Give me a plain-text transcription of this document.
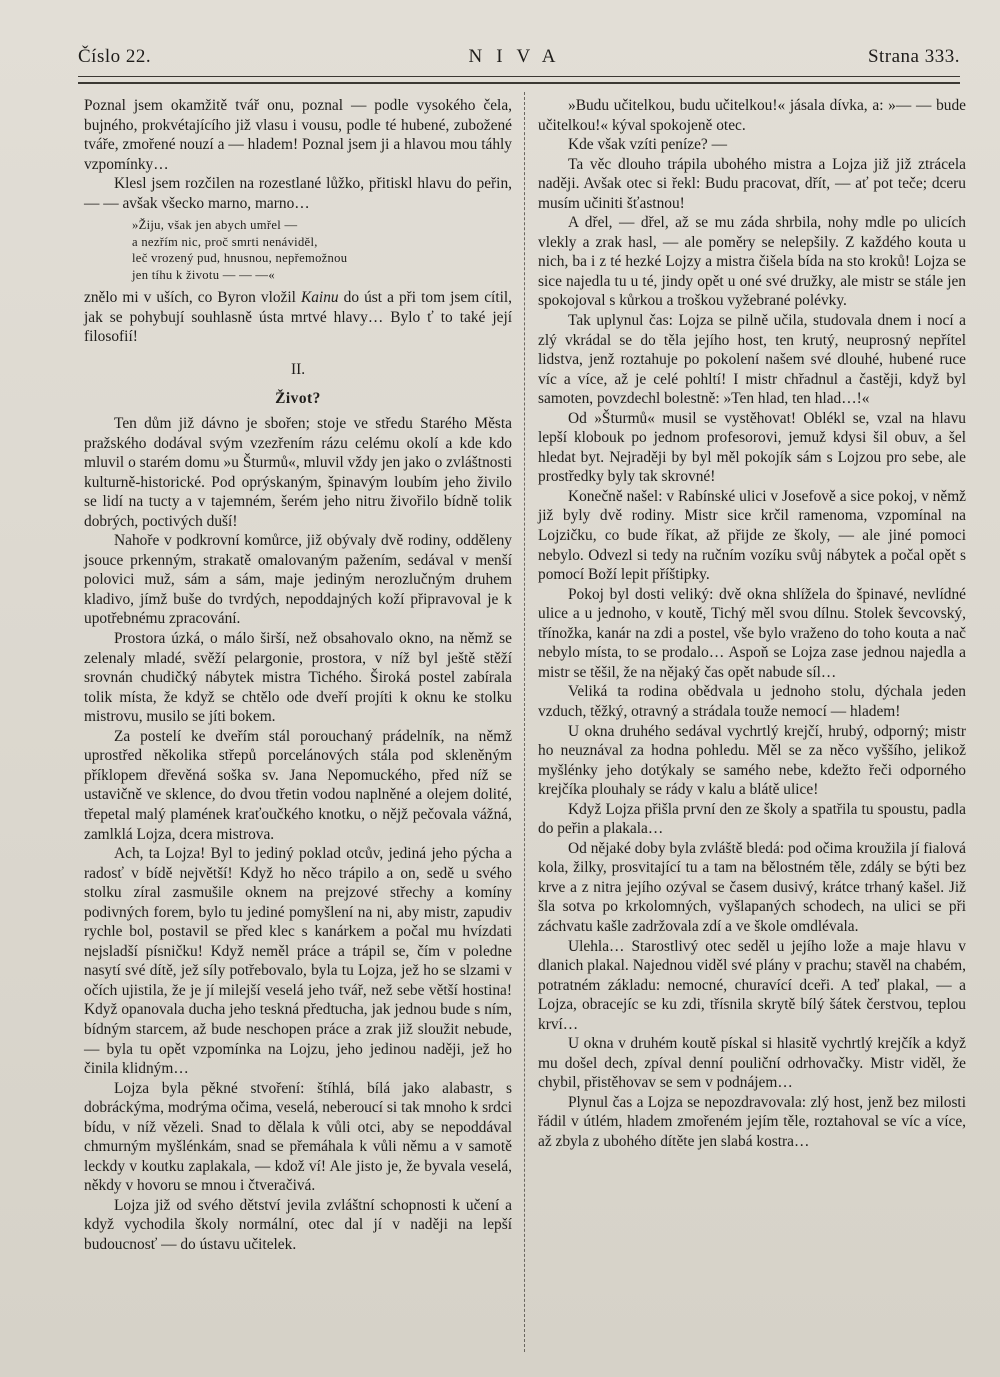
Číslo 22.	NIVA	Strana 333.

Poznal jsem okamžitě tvář onu, poznal — podle vysokého čela, bujného, prokvétajícího již vlasu i vousu, podle té hubené, zubožené tváře, zmořené nouzí a — hladem! Poznal jsem ji a hlavou mou táhly vzpomínky…

Klesl jsem rozčilen na rozestlané lůžko, přitiskl hlavu do peřin, — — avšak všecko marno, marno…

»Žiju, však jen abych umřel —
a nezřím nic, proč smrti nenáviděl,
leč vrozený pud, hnusnou, nepřemožnou
jen tíhu k životu — — —«

znělo mi v uších, co Byron vložil Kainu do úst a při tom jsem cítil, jak se pohybují souhlasně ústa mrtvé hlavy… Bylo ť to také její filosofií!

II.
Život?

Ten dům již dávno je sbořen; stoje ve středu Starého Města pražského dodával svým vzezřením rázu celému okolí a kde kdo mluvil o starém domu »u Šturmů«, mluvil vždy jen jako o zvláštnosti kulturně-historické. Pod oprýskaným, špinavým loubím jeho živilo se lidí na tucty a v tajemném, šerém jeho nitru živořilo bídně tolik dobrých, poctivých duší!

Nahoře v podkrovní komůrce, již obývaly dvě rodiny, odděleny jsouce prkenným, strakatě omalovaným pažením, sedával v menší polovici muž, sám a sám, maje jediným nerozlučným druhem kladivo, jímž buše do tvrdých, nepoddajných koží připravoval je k upotřebnému zpracování.

Prostora úzká, o málo širší, než obsahovalo okno, na němž se zelenaly mladé, svěží pelargonie, prostora, v níž byl ještě stěží srovnán chudičký nábytek mistra Tichého. Široká postel zabírala tolik místa, že když se chtělo ode dveří projíti k oknu ke stolku mistrovu, musilo se jíti bokem.

Za postelí ke dveřím stál porouchaný prádelník, na němž uprostřed několika střepů porcelánových stála pod skleněným příklopem dřevěná soška sv. Jana Nepomuckého, před níž se ustavičně ve sklence, do dvou třetin vodou naplněné a olejem dolité, třepetal malý plamének kraťoučkého knotku, o nějž pečovala vážná, zamlklá Lojza, dcera mistrova.

Ach, ta Lojza! Byl to jediný poklad otcův, jediná jeho pýcha a radosť v bídě největší! Když ho něco trápilo a on, sedě u svého stolku zíral zasmušile oknem na prejzové střechy a komíny podivných forem, bylo tu jediné pomyšlení na ni, aby mistr, zapudiv rychle bol, postavil se před klec s kanárkem a počal mu hvízdati nejsladší písničku! Když neměl práce a trápil se, čím v poledne nasytí své dítě, jež síly potřebovalo, byla tu Lojza, jež ho se slzami v očích ujistila, že je jí milejší veselá jeho tvář, než sebe větší hostina! Když opanovala ducha jeho teskná předtucha, jak jednou bude s ním, bídným starcem, až bude neschopen práce a zrak již sloužit nebude, — byla tu opět vzpomínka na Lojzu, jeho jedinou naději, jež ho činila klidným…

Lojza byla pěkné stvoření: štíhlá, bílá jako alabastr, s dobráckýma, modrýma očima, veselá, neberoucí si tak mnoho k srdci bídu, v níž vězeli. Snad to dělala k vůli otci, aby se nepoddával chmurným myšlénkám, snad se přemáhala k vůli němu a v samotě leckdy v koutku zaplakala, — kdož ví! Ale jisto je, že byvala veselá, někdy v hovoru se mnou i čtveračivá.

Lojza již od svého dětství jevila zvláštní schopnosti k učení a když vychodila školy normální, otec dal jí v naději na lepší budoucnosť — do ústavu učitelek.

»Budu učitelkou, budu učitelkou!« jásala dívka, a: »— — bude učitelkou!« kýval spokojeně otec.

Kde však vzíti peníze? —

Ta věc dlouho trápila ubohého mistra a Lojza již již ztrácela naději. Avšak otec si řekl: Budu pracovat, dřít, — ať pot teče; dceru musím učiniti šťastnou!

A dřel, — dřel, až se mu záda shrbila, nohy mdle po ulicích vlekly a zrak hasl, — ale poměry se nelepšily. Z každého kouta u nich, ba i z té hezké Lojzy a mistra čišela bída na sto kroků! Lojza se sice najedla tu u té, jindy opět u oné své družky, ale mistr se stále jen spokojoval s kůrkou a troškou vyžebrané polévky.

Tak uplynul čas: Lojza se pilně učila, studovala dnem i nocí a zlý vkrádal se do těla jejího host, ten krutý, neuprosný nepřítel lidstva, jenž roztahuje po pokolení našem své dlouhé, hubené ruce víc a více, až je celé pohltí! I mistr chřadnul a častěji, když byl samoten, povzdechl bolestně: »Ten hlad, ten hlad…!«

Od »Šturmů« musil se vystěhovat! Oblékl se, vzal na hlavu lepší klobouk po jednom profesorovi, jemuž kdysi šil obuv, a šel hledat byt. Nejraději by byl měl pokojík sám s Lojzou pro sebe, ale prostředky byly tak skrovné!

Konečně našel: v Rabínské ulici v Josefově a sice pokoj, v němž již byly dvě rodiny. Mistr sice krčil ramenoma, vzpomínal na Lojzičku, co bude říkat, až přijde ze školy, — ale jiné pomoci nebylo. Odvezl si tedy na ručním vozíku svůj nábytek a počal opět s pomocí Boží lepit příštipky.

Pokoj byl dosti veliký: dvě okna shlížela do špinavé, nevlídné ulice a u jednoho, v koutě, Tichý měl svou dílnu. Stolek ševcovský, třínožka, kanár na zdi a postel, vše bylo vraženo do toho kouta a nač nebylo místa, to se prodalo… Aspoň se Lojza zase jednou najedla a mistr se těšil, že na nějaký čas opět nabude síl…

Veliká ta rodina obědvala u jednoho stolu, dýchala jeden vzduch, těžký, otravný a strádala touže nemocí — hladem!

U okna druhého sedával vychrtlý krejčí, hrubý, odporný; mistr ho neuznával za hodna pohledu. Měl se za něco vyššího, jelikož myšlénky jeho dotýkaly se samého nebe, kdežto řeči odporného krejčíka plouhaly se rády v kalu a blátě ulice!

Když Lojza přišla první den ze školy a spatřila tu spoustu, padla do peřin a plakala…

Od nějaké doby byla zvláště bledá: pod očima kroužila jí fialová kola, žilky, prosvitající tu a tam na bělostném těle, zdály se býti bez krve a z nitra jejího ozýval se časem dusivý, krátce trhaný kašel. Již šla sotva po krkolomných, vyšlapaných schodech, na ulici se při záchvatu kašle zadržovala zdí a ve škole omdlévala.

Ulehla… Starostlivý otec seděl u jejího lože a maje hlavu v dlanich plakal. Najednou viděl své plány v prachu; stavěl na chabém, potratném základu: nemocné, churavící dceři. A teď plakal, — a Lojza, obracejíc se ku zdi, třísnila skrytě bílý šátek čerstvou, teplou krví…

U okna v druhém koutě pískal si hlasitě vychrtlý krejčík a když mu došel dech, zpíval denní pouliční odrhovačky. Mistr viděl, že chybil, přistěhovav se sem v podnájem…

Plynul čas a Lojza se nepozdravovala: zlý host, jenž bez milosti řádil v útlém, hladem zmořeném jejím těle, roztahoval se víc a více, až zbyla z ubohého dítěte jen slabá kostra…
